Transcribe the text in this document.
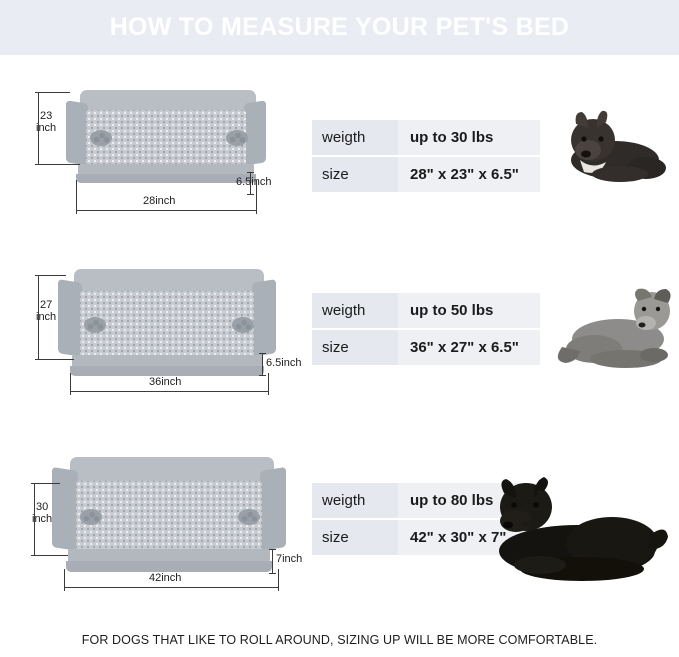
HOW TO MEASURE YOUR PET'S BED
23
inch
28inch
6.5inch
weigth	up to 30 lbs
size	28" x 23" x 6.5"
27
inch
36inch
6.5inch
weigth	up to 50 lbs
size	36" x 27" x 6.5"
30
inch
42inch
7inch
weigth	up to 80 lbs
size	42" x 30" x 7"
FOR DOGS THAT LIKE TO ROLL AROUND, SIZING UP WILL BE MORE COMFORTABLE.
